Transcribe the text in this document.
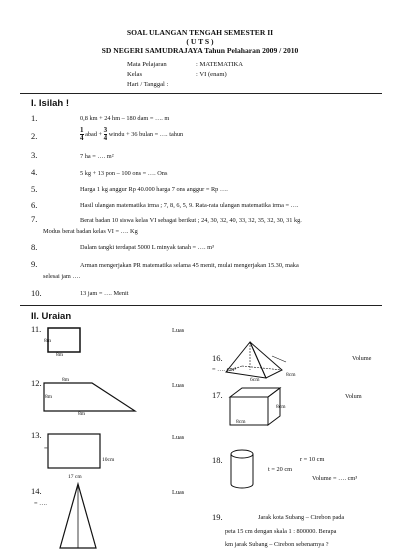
SOAL ULANGAN TENGAH SEMESTER II
( U T S )
SD NEGERI SAMUDRAJAYA Tahun Pelaharan 2009 / 2010
Mata Pelajaran	: MATEMATIKA
Kelas	: VI (enam)
Hari / Tanggal :
I. Isilah !
1.	0,8 km + 24 hm – 180 dam = …. m
2.	$\frac{1}{4}$ abad + $\frac{3}{4}$ windu + 36 bulan = …. tahun
3.	7 ha = …. m²
4.	5 kg + 13 pon – 100 ons = …. Ons
5.	Harga 1 kg anggur Rp 40.000 harga 7 ons anggur = Rp ….
6.	Hasil ulangan matematika irma ; 7, 8, 6, 5, 9. Rata-rata ulangan matematika irma = ….
7.	Berat badan 10 siswa kelas VI sebagai berikut ; 24, 30, 32, 40, 33, 32, 35, 32, 30, 31 kg.
Modus berat badan kelas VI = …. Kg
8.	Dalam tangki terdapat 5000 L minyak tanah = …. m³
9.	Arman mengerjakan PR matematika selama 45 menit, mulai mengerjakan 15.30, maka
selesai jam ….
10.	13 jam = …. Menit
II. Uraian
11.
8m
8m
Luas
12.	8m
8m
8m
Luas
13.
=
10cm
17 cm
Luas
14.
= ….
Luas
16.	Volume
= …. cm³
6cm
8cm
17.
8cm
8cm
Volum
18.	r = 10 cm
t = 20 cm
Volume = …. cm³
19.	Jarak kota Subang – Cirebon pada
peta 15 cm dengan skala 1 : 800000. Berapa
km jarak Subang – Cirebon sebenarnya ?
